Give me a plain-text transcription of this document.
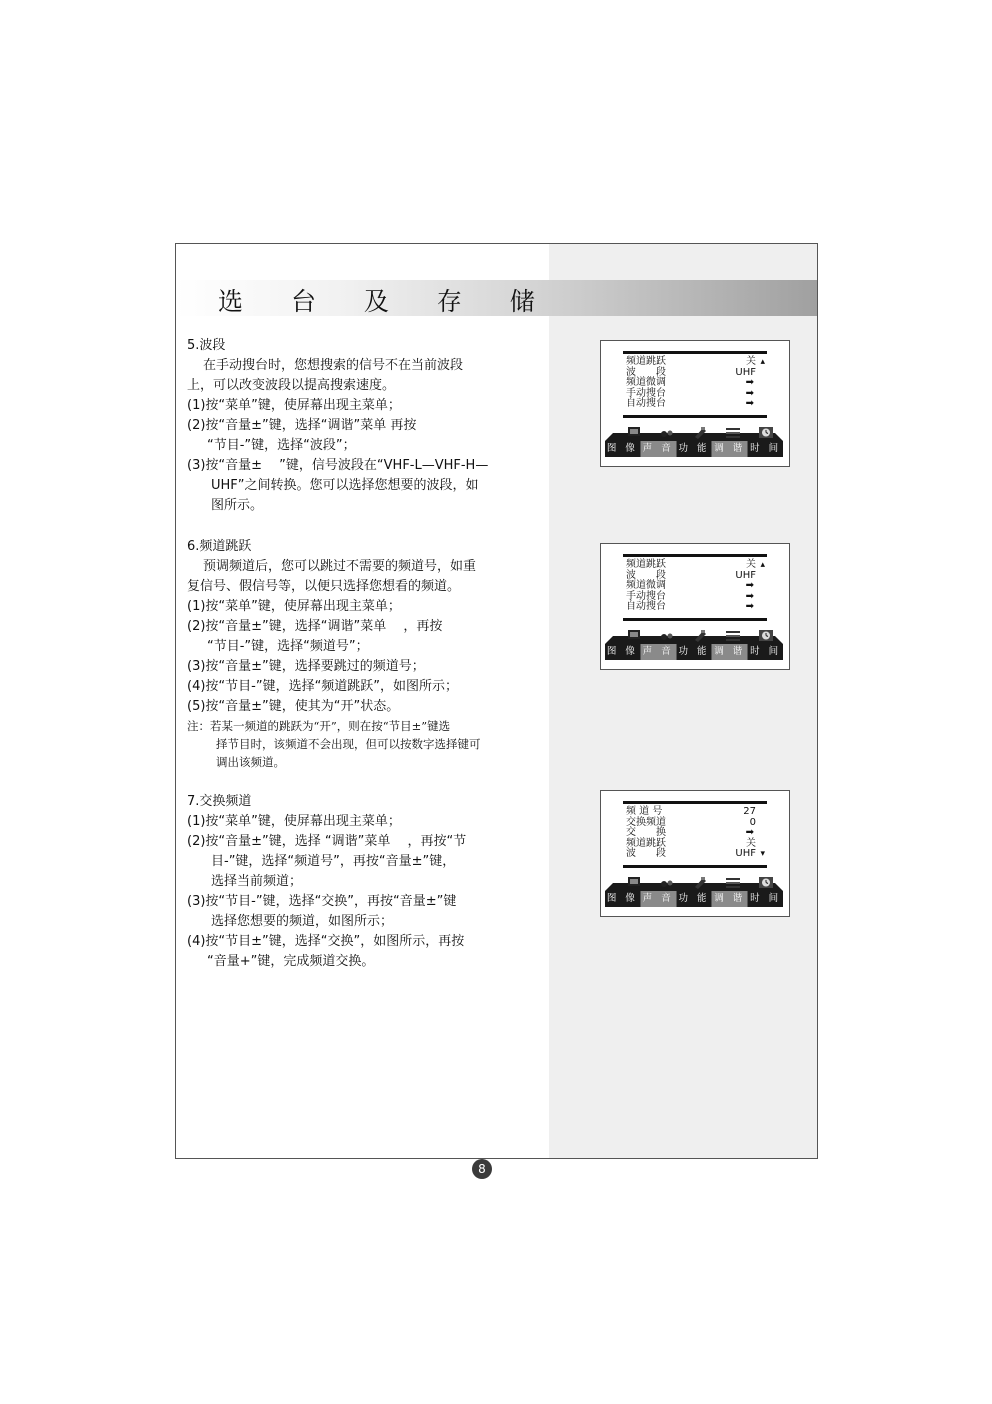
选 台 及 存 储
5.波段
在手动搜台时，您想搜索的信号不在当前波段
上，可以改变波段以提高搜索速度。
(1)按“菜单”键，使屏幕出现主菜单；
(2)按“音量±”键，选择“调谐”菜单 再按
“节目-”键，选择“波段”；
(3)按“音量±　 ”键，信号波段在“VHF-L—VHF-H—
UHF”之间转换。您可以选择您想要的波段，如
图所示。
6.频道跳跃
预调频道后，您可以跳过不需要的频道号，如重
复信号、假信号等，以便只选择您想看的频道。
(1)按“菜单”键，使屏幕出现主菜单；
(2)按“音量±”键，选择“调谐”菜单　 ，再按
“节目-”键，选择“频道号”；
(3)按“音量±”键，选择要跳过的频道号；
(4)按“节目-”键，选择“频道跳跃”，如图所示；
(5)按“音量±”键，使其为“开”状态。
注：若某一频道的跳跃为“开”，则在按“节目±”键选
择节目时，该频道不会出现，但可以按数字选择键可
调出该频道。
7.交换频道
(1)按“菜单”键，使屏幕出现主菜单；
(2)按“音量±”键，选择 “调谐”菜单　 ，再按“节
目-”键，选择“频道号”，再按“音量±”键，
选择当前频道；
(3)按“节目-”键，选择“交换”，再按“音量±”键
选择您想要的频道，如图所示；
(4)按“节目±”键，选择“交换”，如图所示，再按
“音量+”键，完成频道交换。
频道跳跃	关 ▴
波　　段	UHF
频道微调	➡
手动搜台	➡
自动搜台	➡
图 像 声 音 功 能 调 谐 时 间
频道跳跃	关 ▴
波　　段	UHF
频道微调	➡
手动搜台	➡
自动搜台	➡
图 像 声 音 功 能 调 谐 时 间
频 道 号	27
交换频道	0
交　　换	➡
频道跳跃	关
波　　段	UHF ▾
图 像 声 音 功 能 调 谐 时 间
8
